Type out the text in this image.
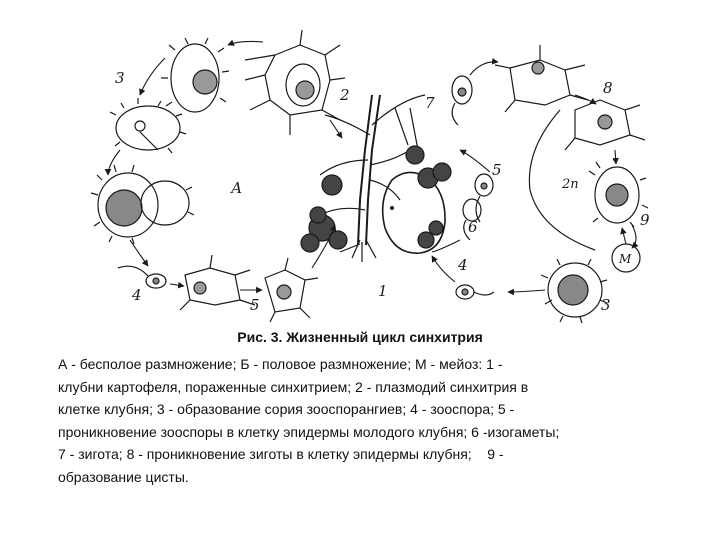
А
М
2п
1
2
3
3
4
4
5
5
6
7
8
9
Рис. 3. Жизненный цикл синхитрия
А - бесполое размножение; Б - половое размножение; М - мейоз: 1 -
клубни картофеля, пораженные синхитрием; 2 - плазмодий синхитрия в
клетке клубня; 3 - образование сория зооспорангиев; 4 - зооспора; 5 -
проникновение зооспоры в клетку эпидермы молодого клубня; 6 -изогаметы;
7 - зигота; 8 - проникновение зиготы в клетку эпидермы клубня;    9 -
образование цисты.
